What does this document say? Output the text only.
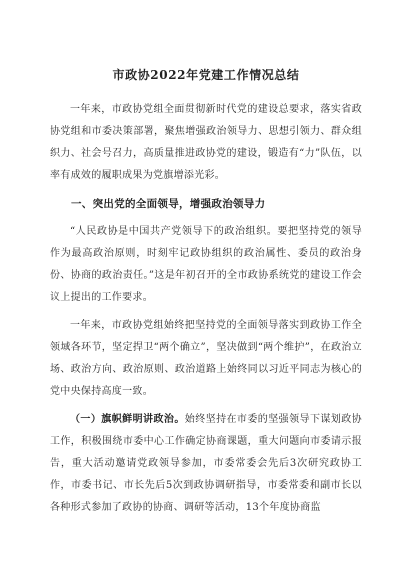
市政协2022年党建工作情况总结

一年来，市政协党组全面贯彻新时代党的建设总要求，落实省政协党组和市委决策部署，聚焦增强政治领导力、思想引领力、群众组织力、社会号召力，高质量推进政协党的建设，锻造有“力”队伍，以率有成效的履职成果为党旗增添光彩。

一、突出党的全面领导，增强政治领导力

“人民政协是中国共产党领导下的政治组织。要把坚持党的领导作为最高政治原则，时刻牢记政协组织的政治属性、委员的政治身份、协商的政治责任。”这是年初召开的全市政协系统党的建设工作会议上提出的工作要求。

一年来，市政协党组始终把坚持党的全面领导落实到政协工作全领域各环节，坚定捍卫“两个确立”，坚决做到“两个维护”，在政治立场、政治方向、政治原则、政治道路上始终同以习近平同志为核心的党中央保持高度一致。

（一）旗帜鲜明讲政治。始终坚持在市委的坚强领导下谋划政协工作，积极围绕市委中心工作确定协商课题，重大问题向市委请示报告，重大活动邀请党政领导参加，市委常委会先后3次研究政协工作，市委书记、市长先后5次到政协调研指导，市委常委和副市长以各种形式参加了政协的协商、调研等活动，13个年度协商监
